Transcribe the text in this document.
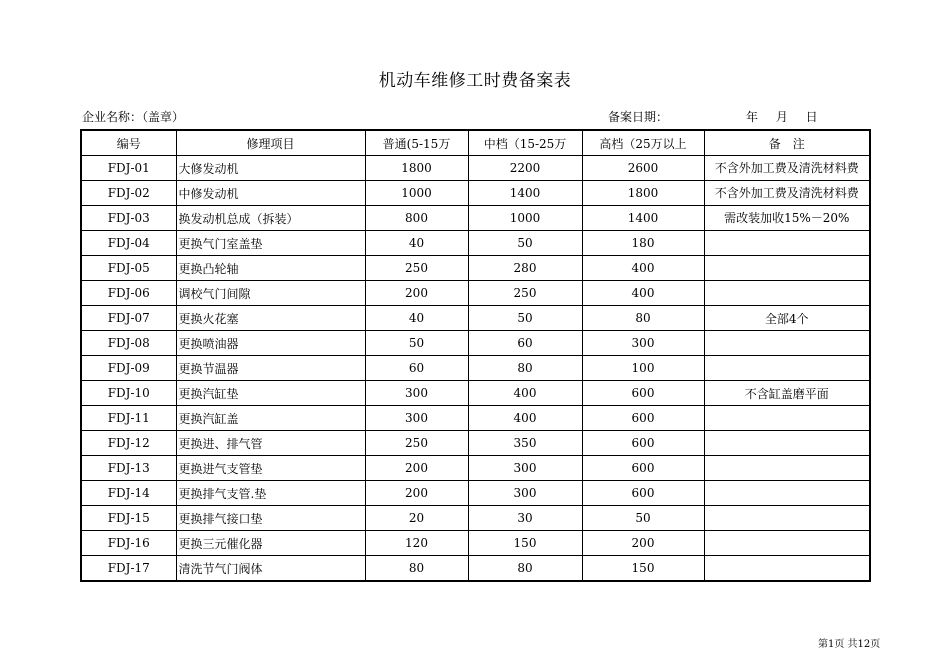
机动车维修工时费备案表
企业名称：（盖章）	备案日期：	年 月 日
编号	修理项目	普通(5-15万	中档（15-25万	高档（25万以上	备　注
FDJ-01	大修发动机	1800	2200	2600	不含外加工费及清洗材料费
FDJ-02	中修发动机	1000	1400	1800	不含外加工费及清洗材料费
FDJ-03	换发动机总成（拆装）	800	1000	1400	需改装加收15%－20%
FDJ-04	更换气门室盖垫	40	50	180	
FDJ-05	更换凸轮轴	250	280	400	
FDJ-06	调校气门间隙	200	250	400	
FDJ-07	更换火花塞	40	50	80	全部4个
FDJ-08	更换喷油器	50	60	300	
FDJ-09	更换节温器	60	80	100	
FDJ-10	更换汽缸垫	300	400	600	不含缸盖磨平面
FDJ-11	更换汽缸盖	300	400	600	
FDJ-12	更换进、排气管	250	350	600	
FDJ-13	更换进气支管垫	200	300	600	
FDJ-14	更换排气支管.垫	200	300	600	
FDJ-15	更换排气接口垫	20	30	50	
FDJ-16	更换三元催化器	120	150	200	
FDJ-17	清洗节气门阀体	80	80	150	
第1页 共12页
